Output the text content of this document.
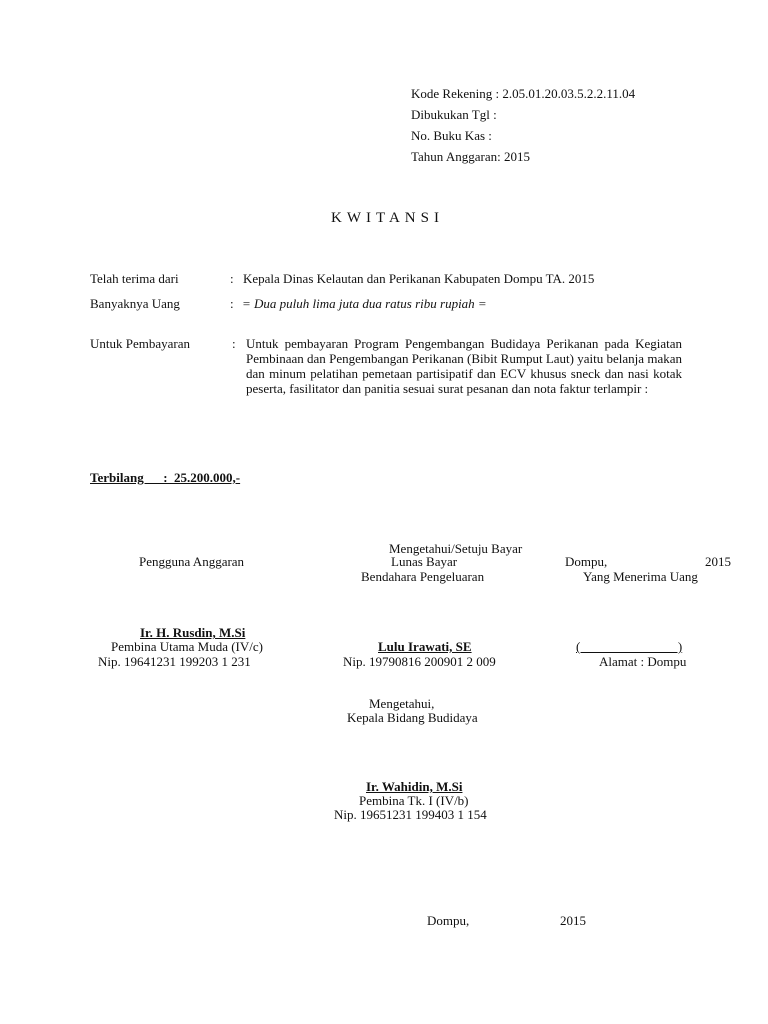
Kode Rekening : 2.05.01.20.03.5.2.2.11.04
Dibukukan Tgl :
No. Buku Kas :
Tahun Anggaran: 2015
KWITANSI
Telah terima dari	: Kepala Dinas Kelautan dan Perikanan Kabupaten Dompu TA. 2015
Banyaknya Uang	: = Dua puluh lima juta dua ratus ribu rupiah =
Untuk Pembayaran	: Untuk pembayaran Program Pengembangan Budidaya Perikanan pada Kegiatan Pembinaan dan Pengembangan Perikanan (Bibit Rumput Laut) yaitu belanja makan dan minum pelatihan pemetaan partisipatif dan ECV khusus sneck dan nasi kotak peserta, fasilitator dan panitia sesuai surat pesanan dan nota faktur terlampir :
Terbilang      :  25.200.000,-
Mengetahui/Setuju Bayar
Pengguna Anggaran	Lunas Bayar	Dompu,	2015
Bendahara Pengeluaran	Yang Menerima Uang
Ir. H. Rusdin, M.Si
Pembina Utama Muda (IV/c)	Lulu Irawati, SE	(                              )
Nip. 19641231 199203 1 231	Nip. 19790816 200901 2 009	Alamat : Dompu
Mengetahui,
Kepala Bidang Budidaya
Ir. Wahidin, M.Si
Pembina Tk. I (IV/b)
Nip. 19651231 199403 1 154
Dompu,	2015
